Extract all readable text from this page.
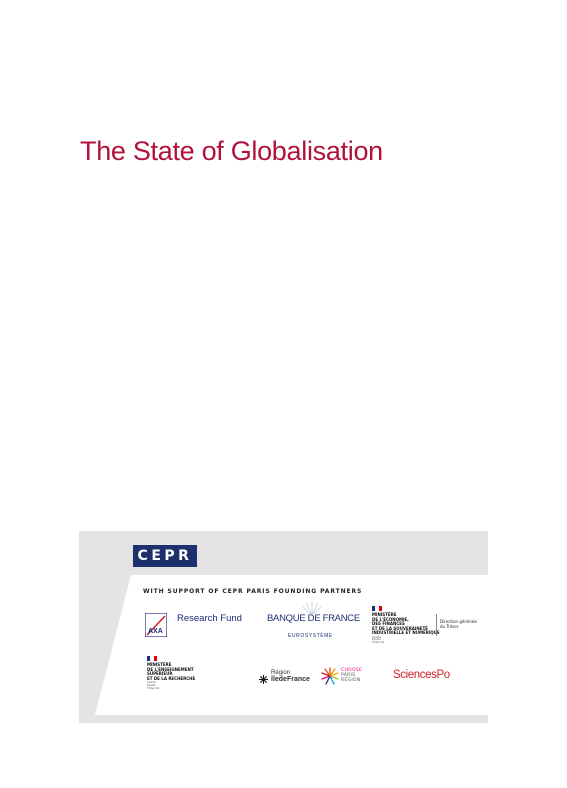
The State of Globalisation
CEPR
WITH SUPPORT OF CEPR PARIS FOUNDING PARTNERS
AXA
Research Fund	BANQUE DE FRANCE
EUROSYSTÈME
MINISTÈRE
DE L'ÉCONOMIE,
DES FINANCES
ET DE LA SOUVERAINETÉ
INDUSTRIELLE ET NUMÉRIQUE
Liberté
Égalité
Fraternité
Direction générale
du Trésor
MINISTÈRE
DE L'ENSEIGNEMENT
SUPÉRIEUR
ET DE LA RECHERCHE
Liberté
Égalité
Fraternité
Région
îledeFrance
CHOOSE
PARIS
RÉGION	SciencesPo
